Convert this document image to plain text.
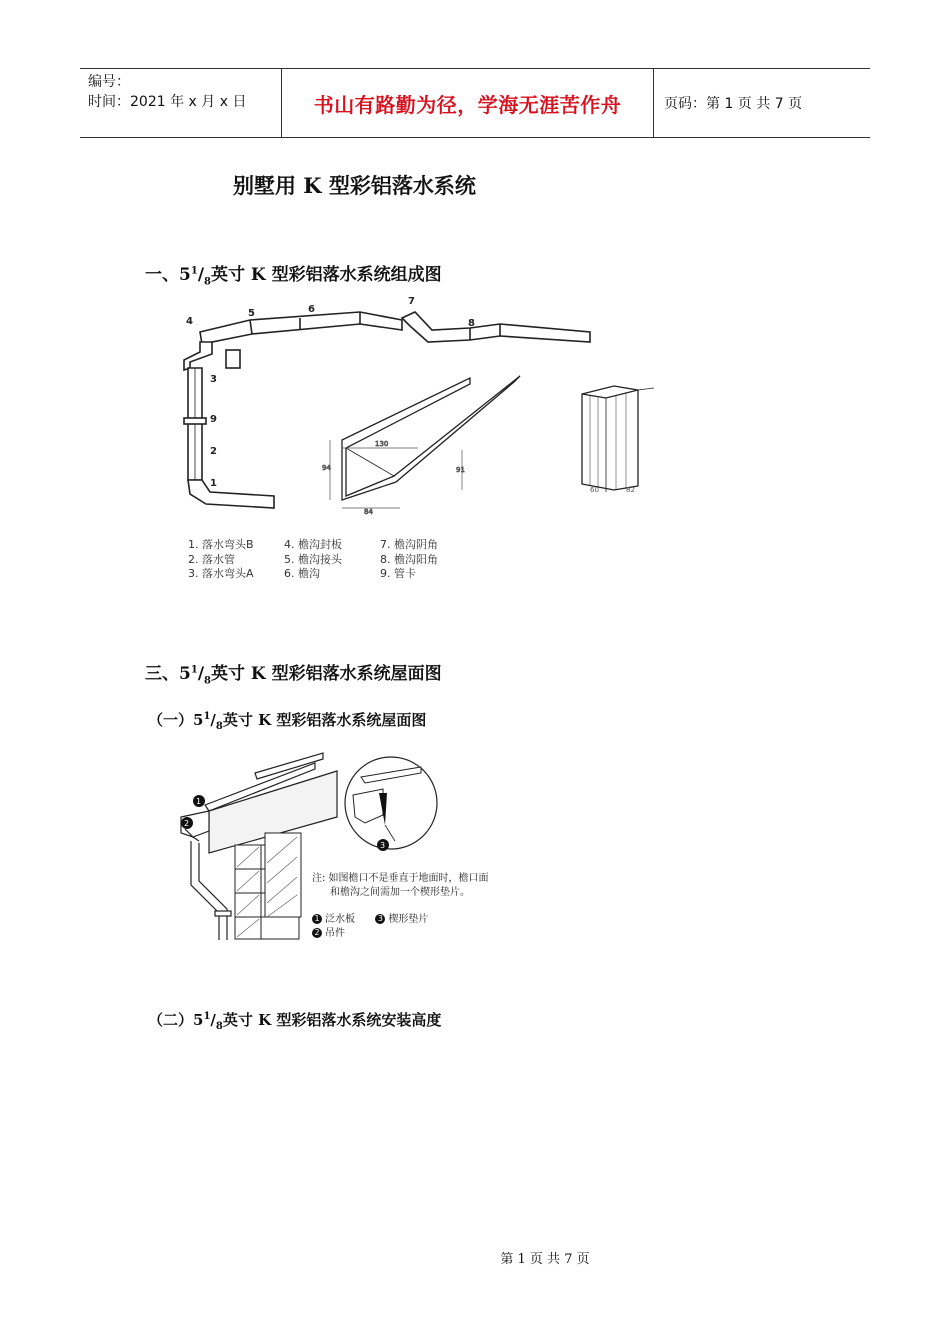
编号：
时间：2021 年 x 月 x 日	书山有路勤为径，学海无涯苦作舟	页码：第 1 页 共 7 页
别墅用 K 型彩铝落水系统
一、$5^1/_8$英寸 K 型彩铝落水系统组成图
4
5	6
7
8
3
9
2
1
130
94	91
84
60	82
1. 落水弯头B	4. 檐沟封板	7. 檐沟阴角
2. 落水管	5. 檐沟接头	8. 檐沟阳角
3. 落水弯头A	6. 檐沟	9. 管卡
三、$5^1/_8$英寸 K 型彩铝落水系统屋面图
（一）$5^1/_8$英寸 K 型彩铝落水系统屋面图
1
2
3
注: 如图檐口不是垂直于地面时，檐口面
和檐沟之间需加一个楔形垫片。
1 泛水板	3 楔形垫片
2 吊件
（二）$5^1/_8$英寸 K 型彩铝落水系统安装高度
第 1 页 共 7 页
